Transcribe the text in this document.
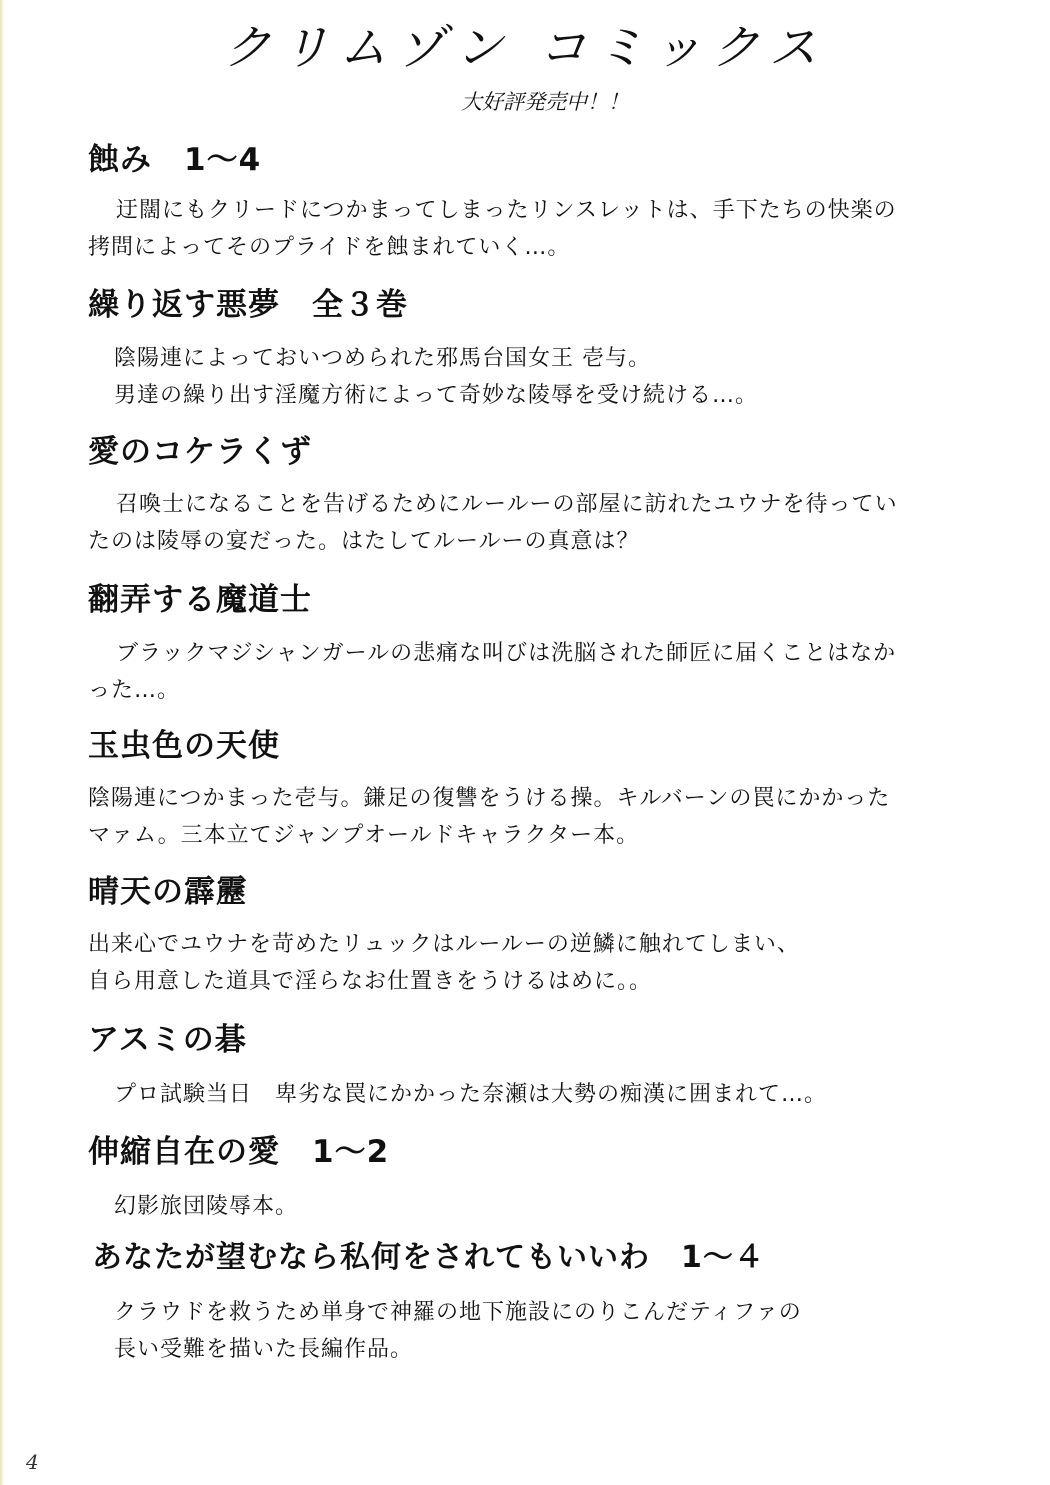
クリムゾン コミックス
大好評発売中！！
蝕み　1～4
迂闊にもクリードにつかまってしまったリンスレットは、手下たちの快楽の
拷問によってそのプライドを蝕まれていく…。
繰り返す悪夢　全３巻
陰陽連によっておいつめられた邪馬台国女王 壱与。
男達の繰り出す淫魔方術によって奇妙な陵辱を受け続ける…。
愛のコケラくず
召喚士になることを告げるためにルールーの部屋に訪れたユウナを待ってい
たのは陵辱の宴だった。はたしてルールーの真意は？
翻弄する魔道士
ブラックマジシャンガールの悲痛な叫びは洗脳された師匠に届くことはなか
った…。
玉虫色の天使
陰陽連につかまった壱与。鎌足の復讐をうける操。キルバーンの罠にかかった
マァム。三本立てジャンプオールドキャラクター本。
晴天の霹靂
出来心でユウナを苛めたリュックはルールーの逆鱗に触れてしまい、
自ら用意した道具で淫らなお仕置きをうけるはめに。。
アスミの碁
プロ試験当日　卑劣な罠にかかった奈瀬は大勢の痴漢に囲まれて…。
伸縮自在の愛　1～2
幻影旅団陵辱本。
あなたが望むなら私何をされてもいいわ　1～４
クラウドを救うため単身で神羅の地下施設にのりこんだティファの
長い受難を描いた長編作品。
4
